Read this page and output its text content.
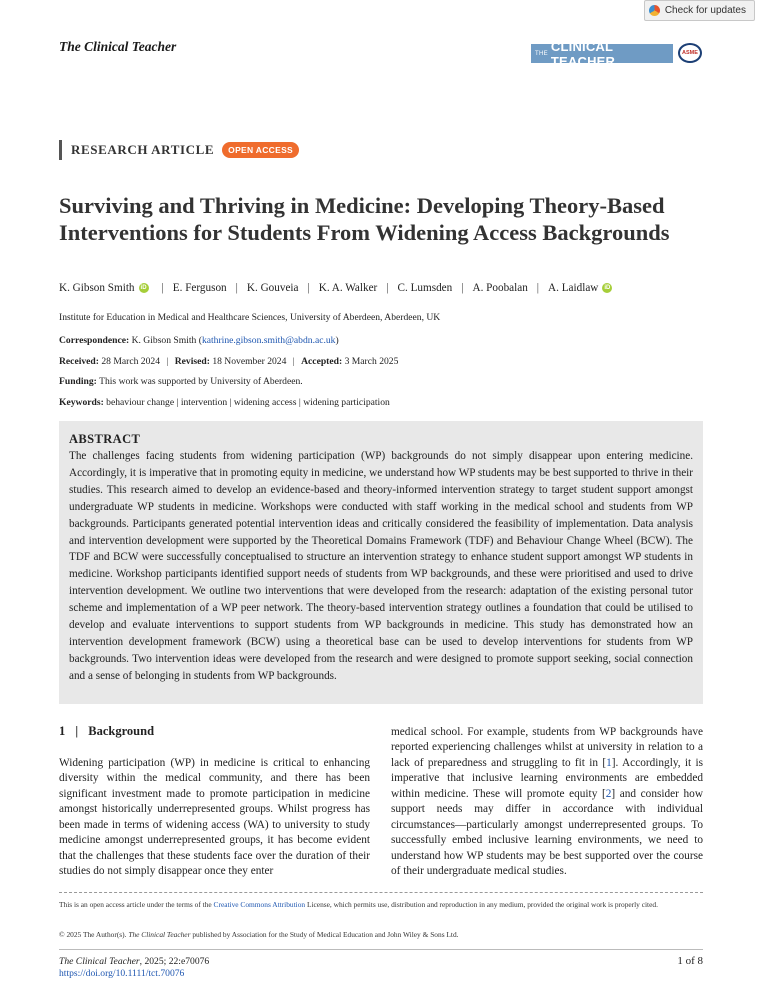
Check for updates
The Clinical Teacher	THE CLINICAL TEACHER
ASME
RESEARCH ARTICLE	OPEN ACCESS
Surviving and Thriving in Medicine: Developing Theory-Based Interventions for Students From Widening Access Backgrounds
K. Gibson Smith	iD | E. Ferguson | K. Gouveia | K. A. Walker | C. Lumsden | A. Poobalan | A. Laidlaw	iD
Institute for Education in Medical and Healthcare Sciences, University of Aberdeen, Aberdeen, UK
Correspondence: K. Gibson Smith (kathrine.gibson.smith@abdn.ac.uk)
Received: 28 March 2024 | Revised: 18 November 2024 | Accepted: 3 March 2025
Funding: This work was supported by University of Aberdeen.
Keywords: behaviour change | intervention | widening access | widening participation
ABSTRACT

The challenges facing students from widening participation (WP) backgrounds do not simply disappear upon entering medicine. Accordingly, it is imperative that in promoting equity in medicine, we understand how WP students may be best supported to thrive in their studies. This research aimed to develop an evidence-based and theory-informed intervention strategy to target student support amongst undergraduate WP students in medicine. Workshops were conducted with staff working in the medical school and students from WP backgrounds. Participants generated potential intervention ideas and critically considered the feasibility of implementation. Data analysis and intervention development were supported by the Theoretical Domains Framework (TDF) and Behaviour Change Wheel (BCW). The TDF and BCW were successfully conceptualised to structure an intervention strategy to enhance student support amongst WP students in medicine. Workshop participants identified support needs of students from WP backgrounds, and these were prioritised and used to drive intervention development. We outline two interventions that were developed from the research: adaptation of the existing personal tutor scheme and implementation of a WP peer network. The theory-based intervention strategy outlines a foundation that could be utilised to develop and evaluate interventions to support students from WP backgrounds in medicine. This study has demonstrated how an intervention development framework (BCW) using a theoretical base can be used to develop interventions for students from WP backgrounds. Two intervention ideas were developed from the research and were designed to promote support seeking, social connection and a sense of belonging in students from WP backgrounds.

1 | Background

Widening participation (WP) in medicine is critical to enhancing diversity within the medical community, and there has been significant investment made to promote participation in medicine amongst historically underrepresented groups. Whilst progress has been made in terms of widening access (WA) to university to study medicine amongst underrepresented groups, it has become evident that the challenges that these students face over the duration of their studies do not simply disappear once they enter

medical school. For example, students from WP backgrounds have reported experiencing challenges whilst at university in relation to a lack of preparedness and struggling to fit in [1]. Accordingly, it is imperative that inclusive learning environments are embedded within medicine. These will promote equity [2] and consider how support needs may differ in accordance with individual circumstances—particularly amongst underrepresented groups. To successfully embed inclusive learning environments, we need to understand how WP students may be best supported over the course of their undergraduate medical studies.

This is an open access article under the terms of the Creative Commons Attribution License, which permits use, distribution and reproduction in any medium, provided the original work is properly cited.
© 2025 The Author(s). The Clinical Teacher published by Association for the Study of Medical Education and John Wiley & Sons Ltd.
The Clinical Teacher, 2025; 22:e70076
https://doi.org/10.1111/tct.70076
1 of 8
